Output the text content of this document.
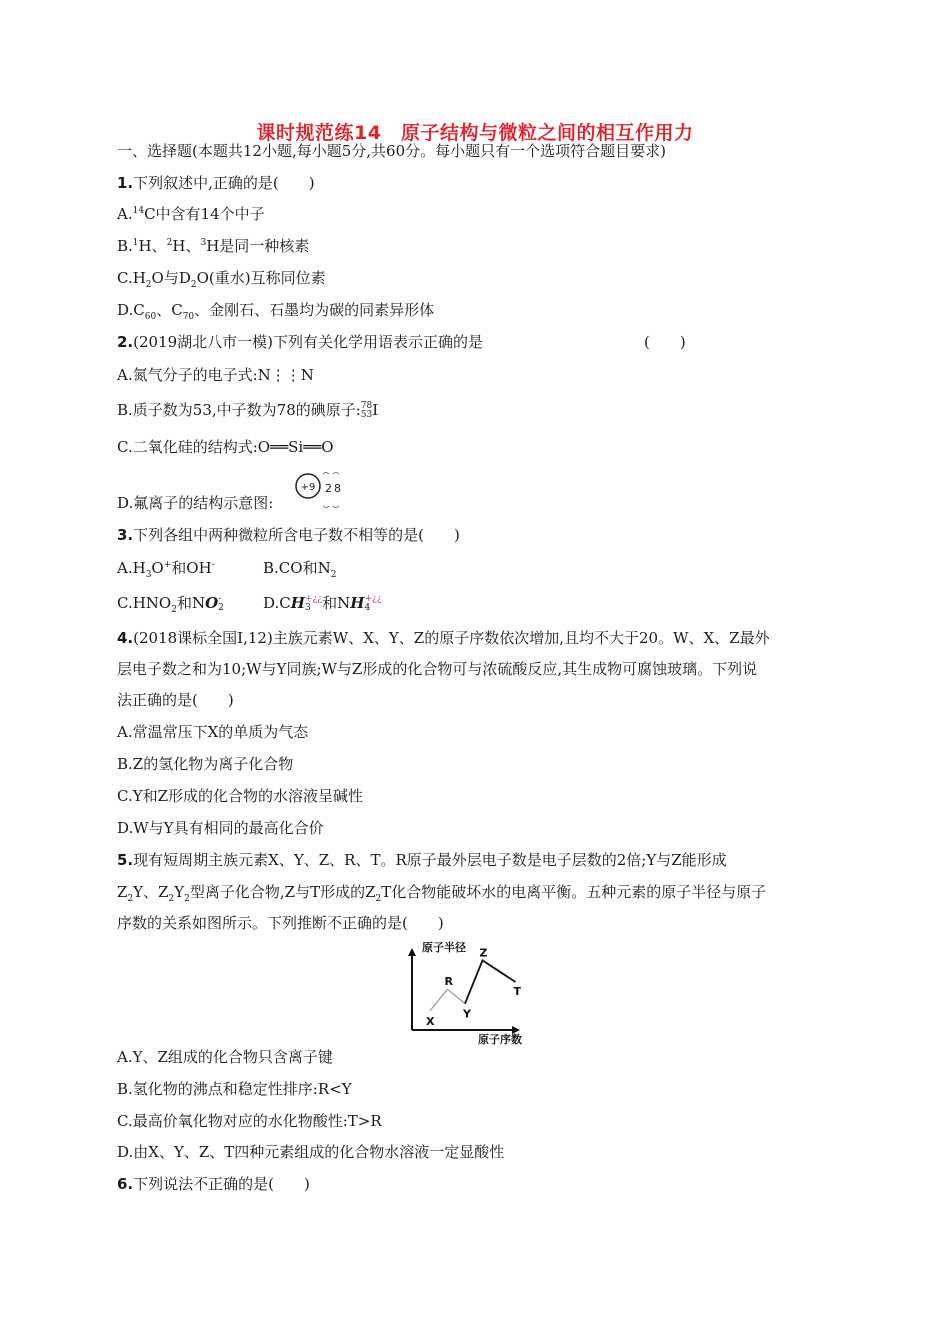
课时规范练14　原子结构与微粒之间的相互作用力
一、选择题(本题共12小题,每小题5分,共60分。每小题只有一个选项符合题目要求)
1.下列叙述中,正确的是(　　)
A.$^{14}$C中含有14个中子
B.$^1$H、$^2$H、$^3$H是同一种核素
$C.H_2O$与$D_2O$(重水)互称同位素
$D.C_{60}$、$C_{70}$、金刚石、石墨均为碳的同素异形体
2.(2019湖北八市一模)下列有关化学用语表示正确的是	(　　)
A.氮气分子的电子式:N⋮⋮N
B.质子数为53,中子数为78的碘原子:78
53I
C.二氧化硅的结构式:O══Si══O
D.氟离子的结构示意图:
+9 2 8
3.下列各组中两种微粒所含电子数不相等的是(　　)
$A.H_3O^+$和OH-	B.CO和$N_2$
$C.HNO_2$和NO-
2	D.CH+¿¿
3 和NH+¿¿
4
4.(2018课标全国Ⅰ,12)主族元素W、X、Y、Z的原子序数依次增加,且均不大于20。W、X、Z最外
层电子数之和为10;W与Y同族;W与Z形成的化合物可与浓硫酸反应,其生成物可腐蚀玻璃。下列说
法正确的是(　　)
A.常温常压下X的单质为气态
B.Z的氢化物为离子化合物
C.Y和Z形成的化合物的水溶液呈碱性
D.W与Y具有相同的最高化合价
5.现有短周期主族元素X、Y、Z、R、T。R原子最外层电子数是电子层数的2倍;Y与Z能形成
$Z_2Y$、$Z_2Y_2$型离子化合物,Z与T形成的$Z_2T$化合物能破坏水的电离平衡。五种元素的原子半径与原子
序数的关系如图所示。下列推断不正确的是(　　)
原子半径
原子序数
X
R
Y
Z
T
A.Y、Z组成的化合物只含离子键
B.氢化物的沸点和稳定性排序:R<Y
C.最高价氧化物对应的水化物酸性:T>R
D.由X、Y、Z、T四种元素组成的化合物水溶液一定显酸性
6.下列说法不正确的是(　　)
